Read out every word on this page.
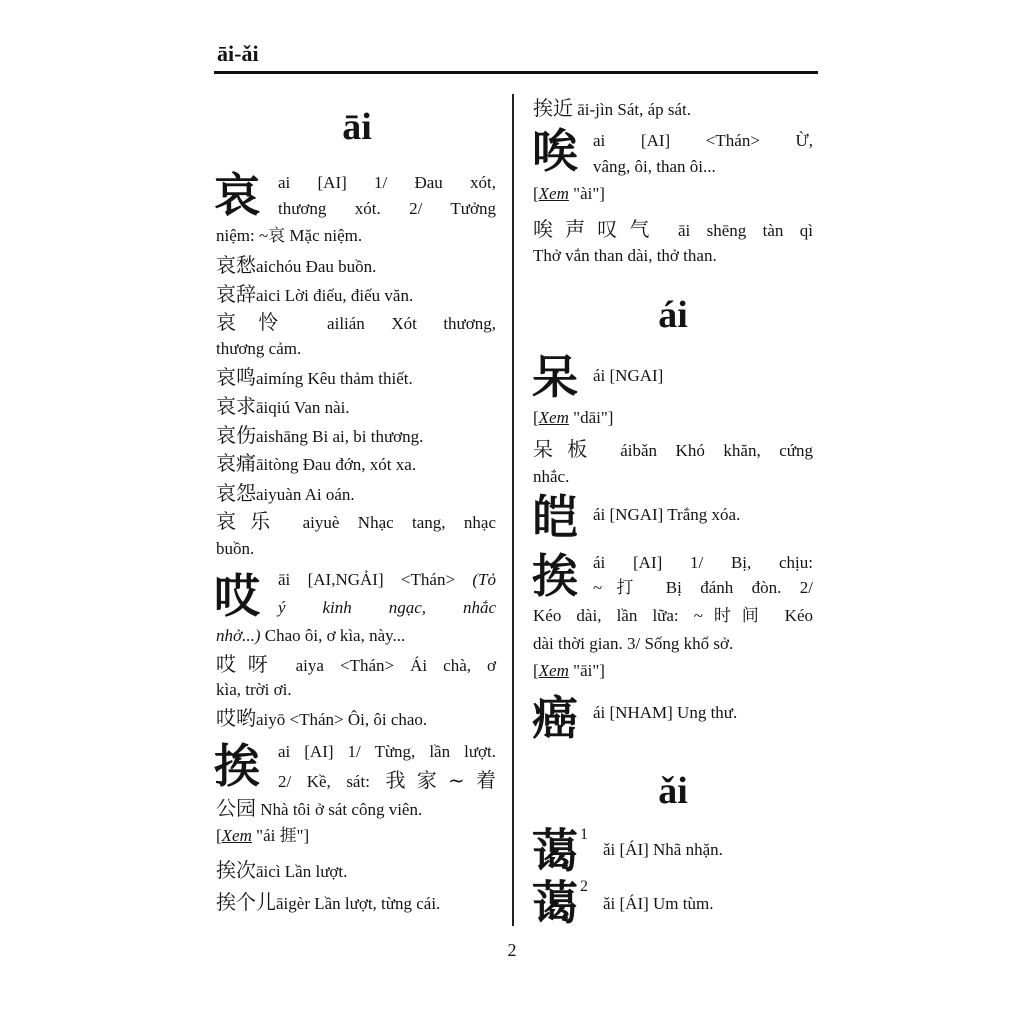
āi-ǎi
āi
哀 ai [AI] 1/ Đau xót,
thương xót. 2/ Tưởng
niệm: ~哀 Mặc niệm.
哀愁aichóu Đau buồn.
哀辞aici Lời điếu, điếu văn.
哀怜 ailián Xót thương,
thương cảm.
哀鸣aimíng Kêu thảm thiết.
哀求āiqiú Van nài.
哀伤aishāng Bi ai, bi thương.
哀痛āitòng Đau đớn, xót xa.
哀怨aiyuàn Ai oán.
哀乐 aiyuè Nhạc tang, nhạc
buồn.
哎 āi [AI,NGẢI] <Thán> (Tỏ
ý kinh ngạc, nhắc
nhở...) Chao ôi, ơ kìa, này...
哎呀 aiya <Thán> Ái chà, ơ
kìa, trời ơi.
哎哟aiyō <Thán> Ôi, ôi chao.
挨 ai [AI] 1/ Từng, lần lượt.
2/ Kề, sát: 我家~着
公园 Nhà tôi ở sát công viên.
[Xem "ái 捱"]
挨次āicì Lần lượt.
挨个儿āigèr Lần lượt, từng cái.
挨近 āi-jìn Sát, áp sát.
唉 ai [AI] <Thán> Ừ,
vâng, ôi, than ôi...
[Xem "ài"]
唉声叹气 āi shēng tàn qì
Thở vắn than dài, thở than.
ái
呆 ái [NGAI]
[Xem "dāi"]
呆板 áibǎn Khó khăn, cứng
nhắc.
皑 ái [NGAI] Trắng xóa.
挨 ái [AI] 1/ Bị, chịu:
~打 Bị đánh đòn. 2/
Kéo dài, lần lữa: ~时间 Kéo
dài thời gian. 3/ Sống khổ sở.
[Xem "āi"]
癌 ái [NHAM] Ung thư.
ǎi
蔼 1
ǎi [ÁI] Nhã nhặn.
蔼 2
ǎi [ÁI] Um tùm.
2
